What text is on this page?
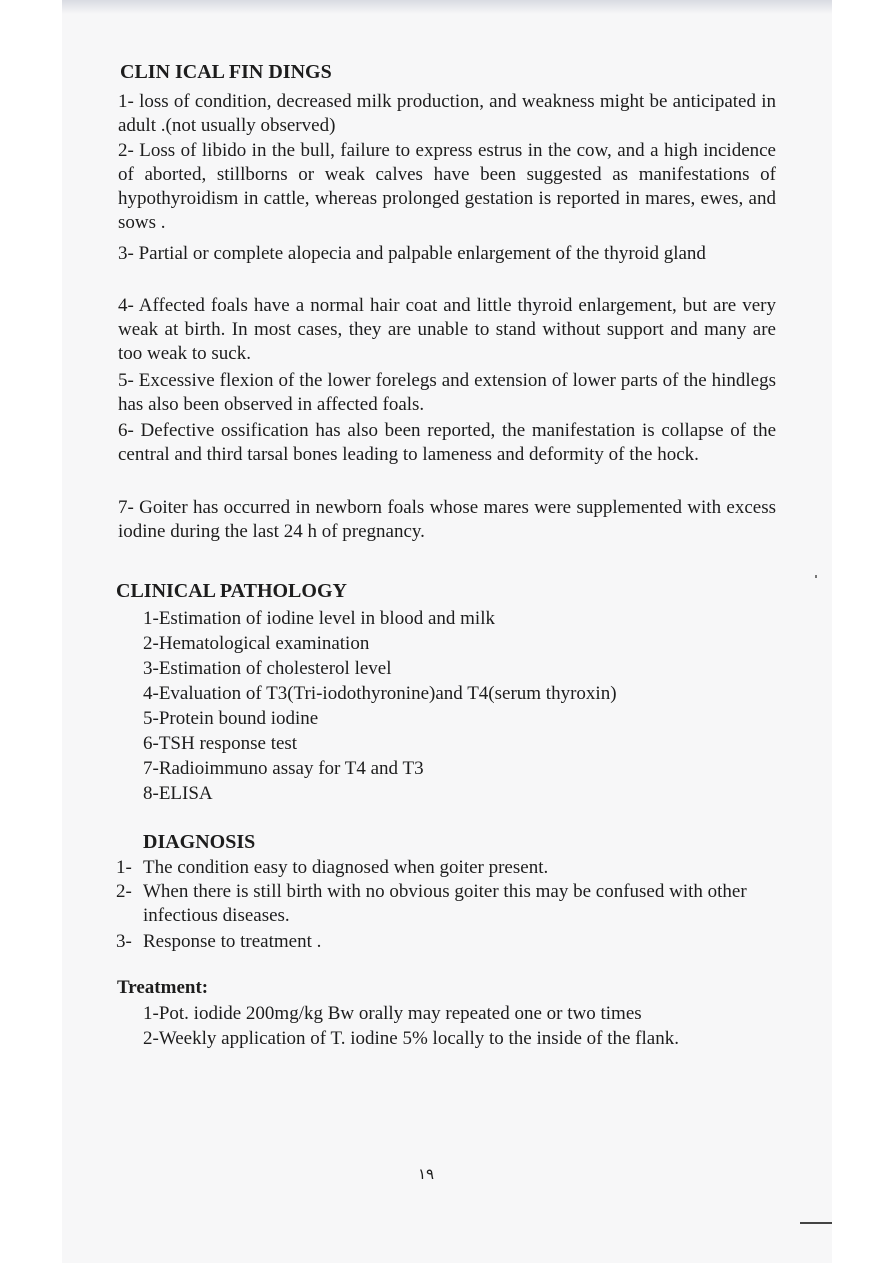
CLIN ICAL FIN DINGS

1- loss of condition, decreased milk production, and weakness might be anticipated in adult .(not usually observed)

2- Loss of libido in the bull, failure to express estrus in the cow, and a high incidence of aborted, stillborns or weak calves have been suggested as manifestations of hypothyroidism in cattle, whereas prolonged gestation is reported in mares, ewes, and sows .

3- Partial or complete alopecia and palpable enlargement of the thyroid gland

4- Affected foals have a normal hair coat and little thyroid enlargement, but are very weak at birth. In most cases, they are unable to stand without support and many are too weak to suck.

5- Excessive flexion of the lower forelegs and extension of lower parts of the hindlegs has also been observed in affected foals.

6- Defective ossification has also been reported, the manifestation is collapse of the central and third tarsal bones leading to lameness and deformity of the hock.

7- Goiter has occurred in newborn foals whose mares were supplemented with excess iodine during the last 24 h of pregnancy.

CLINICAL PATHOLOGY

1-Estimation of iodine level in blood and milk

2-Hematological examination

3-Estimation of cholesterol level

4-Evaluation of T3(Tri-iodothyronine)and T4(serum thyroxin)

5-Protein bound iodine

6-TSH response test

7-Radioimmuno assay for T4 and T3

8-ELISA

DIAGNOSIS
1- The condition easy to diagnosed when goiter present.
2- When there is still birth with no obvious goiter this may be confused with other infectious diseases.
3- Response to treatment .
Treatment:

1-Pot. iodide 200mg/kg Bw orally may repeated one or two times

2-Weekly application of T. iodine 5% locally to the inside of the flank.

١٩
